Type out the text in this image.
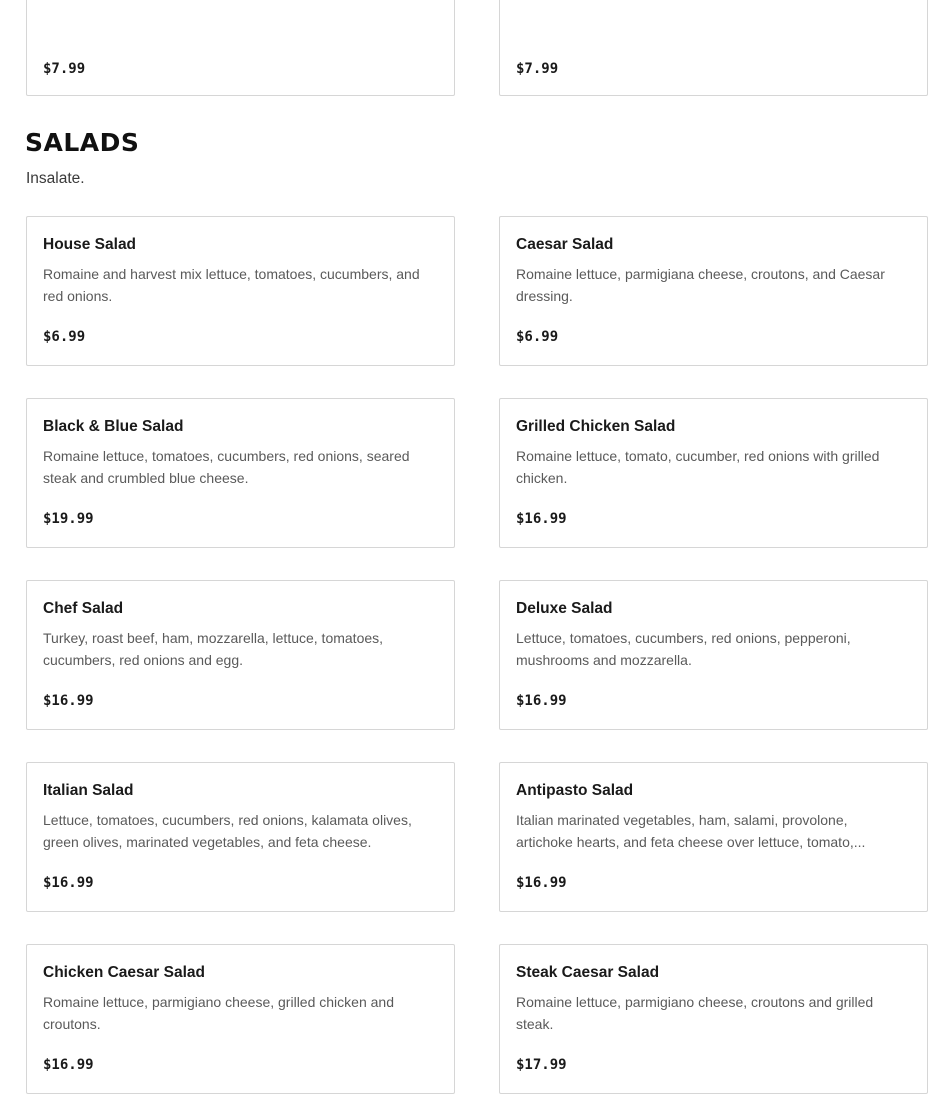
$7.99	$7.99
SALADS
Insalate.
House Salad
Romaine and harvest mix lettuce, tomatoes, cucumbers, and red onions.
$6.99
Caesar Salad
Romaine lettuce, parmigiana cheese, croutons, and Caesar dressing.
$6.99
Black & Blue Salad
Romaine lettuce, tomatoes, cucumbers, red onions, seared steak and crumbled blue cheese.
$19.99
Grilled Chicken Salad
Romaine lettuce, tomato, cucumber, red onions with grilled chicken.
$16.99
Chef Salad
Turkey, roast beef, ham, mozzarella, lettuce, tomatoes, cucumbers, red onions and egg.
$16.99
Deluxe Salad
Lettuce, tomatoes, cucumbers, red onions, pepperoni, mushrooms and mozzarella.
$16.99
Italian Salad
Lettuce, tomatoes, cucumbers, red onions, kalamata olives, green olives, marinated vegetables, and feta cheese.
$16.99
Antipasto Salad
Italian marinated vegetables, ham, salami, provolone, artichoke hearts, and feta cheese over lettuce, tomato,...
$16.99
Chicken Caesar Salad
Romaine lettuce, parmigiano cheese, grilled chicken and croutons.
$16.99
Steak Caesar Salad
Romaine lettuce, parmigiano cheese, croutons and grilled steak.
$17.99
